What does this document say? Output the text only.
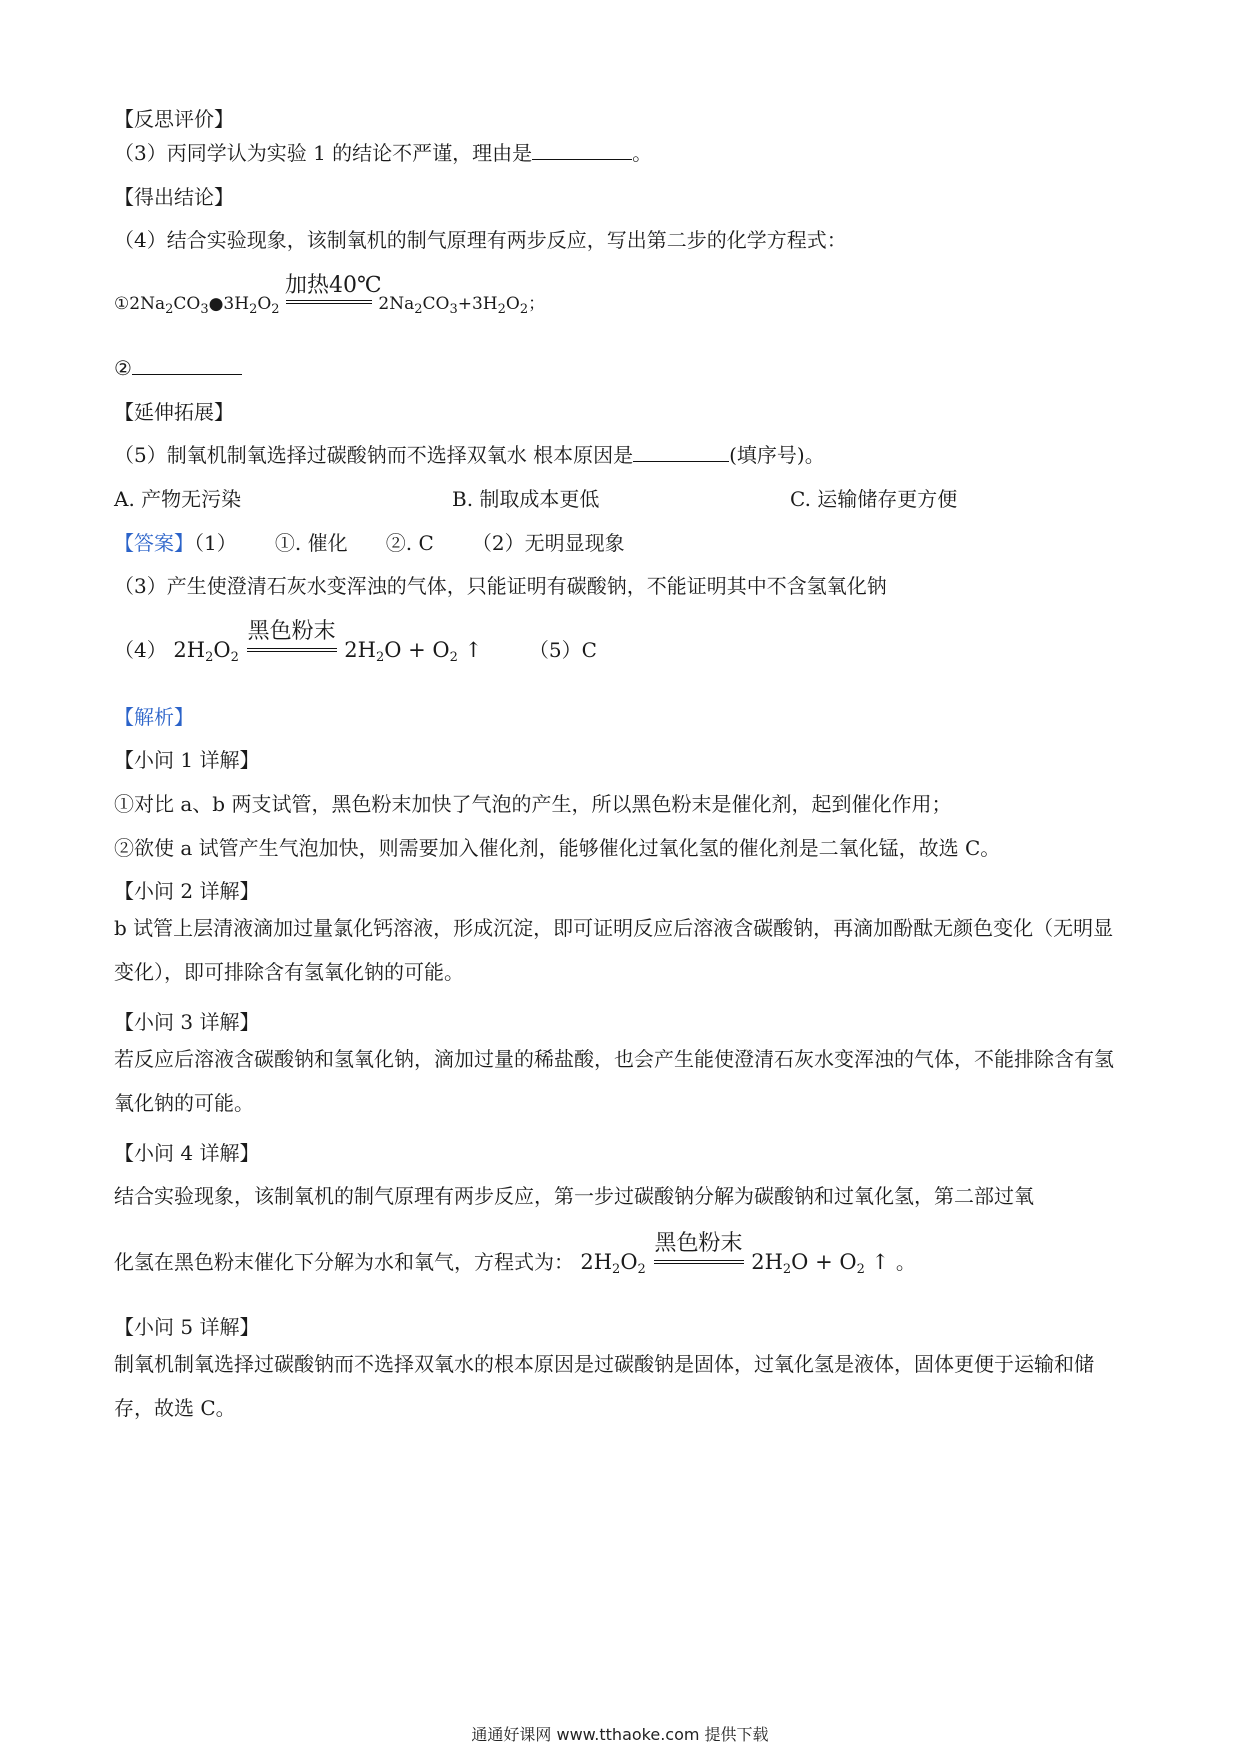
【反思评价】
（3）丙同学认为实验 1 的结论不严谨，理由是	。
【得出结论】
（4）结合实验现象，该制氧机的制气原理有两步反应，写出第二步的化学方程式：
$①2Na_2CO_3●3H_2O_2$
加热40℃
$2Na_2CO_3+3H_2O_2$；
②
【延伸拓展】
（5）制氧机制氧选择过碳酸钠而不选择双氧水 根本原因是	(填序号)。
A. 产物无污染	B. 制取成本更低	C. 运输储存更方便
【答案】（1）      ①. 催化      ②. C      （2）无明显现象
（3）产生使澄清石灰水变浑浊的气体，只能证明有碳酸钠，不能证明其中不含氢氧化钠
（4） $2H_2O_2$
黑色粉末
$2H_2O + O_2$ ↑ （5）C
【解析】
【小问 1 详解】
①对比 a、b 两支试管，黑色粉末加快了气泡的产生，所以黑色粉末是催化剂，起到催化作用；
②欲使 a 试管产生气泡加快，则需要加入催化剂，能够催化过氧化氢的催化剂是二氧化锰，故选 C。
【小问 2 详解】
b 试管上层清液滴加过量氯化钙溶液，形成沉淀，即可证明反应后溶液含碳酸钠，再滴加酚酞无颜色变化（无明显变化），即可排除含有氢氧化钠的可能。
【小问 3 详解】
若反应后溶液含碳酸钠和氢氧化钠，滴加过量的稀盐酸，也会产生能使澄清石灰水变浑浊的气体，不能排除含有氢氧化钠的可能。
【小问 4 详解】
结合实验现象，该制氧机的制气原理有两步反应，第一步过碳酸钠分解为碳酸钠和过氧化氢，第二部过氧
化氢在黑色粉末催化下分解为水和氧气，方程式为： $2H_2O_2$
黑色粉末
$2H_2O + O_2$ ↑ 。
【小问 5 详解】
制氧机制氧选择过碳酸钠而不选择双氧水的根本原因是过碳酸钠是固体，过氧化氢是液体，固体更便于运输和储存，故选 C。
通通好课网 www.tthaoke.com 提供下载
